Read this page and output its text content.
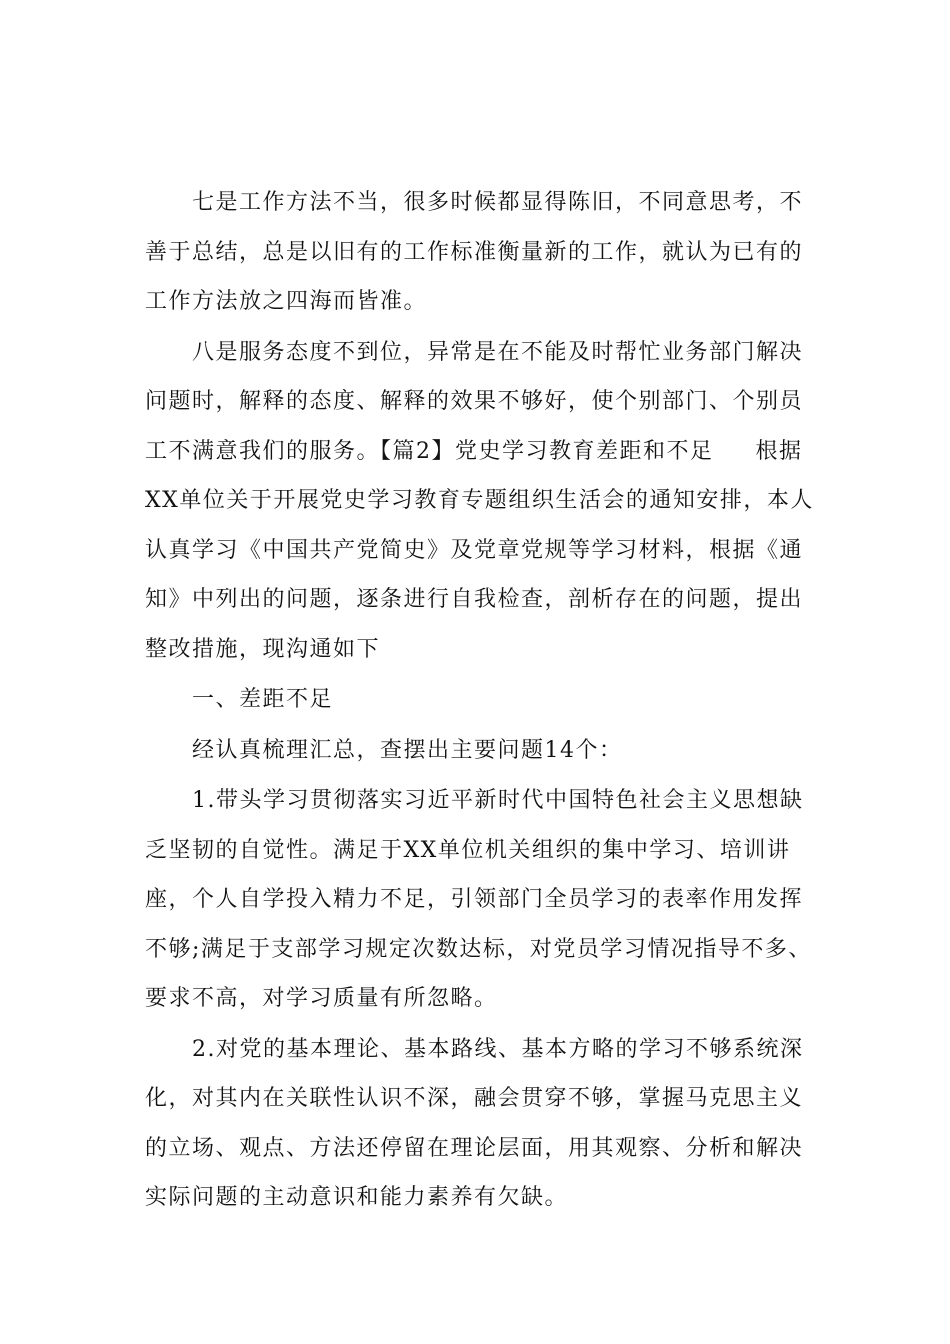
七是工作方法不当，很多时候都显得陈旧，不同意思考，不善于总结，总是以旧有的工作标准衡量新的工作，就认为已有的工作方法放之四海而皆准。

八是服务态度不到位，异常是在不能及时帮忙业务部门解决问题时，解释的态度、解释的效果不够好，使个别部门、个别员工不满意我们的服务。【篇2】党史学习教育差距和不足 根据XX单位关于开展党史学习教育专题组织生活会的通知安排，本人认真学习《中国共产党简史》及党章党规等学习材料，根据《通知》中列出的问题，逐条进行自我检查，剖析存在的问题，提出整改措施，现沟通如下

一、差距不足

经认真梳理汇总，查摆出主要问题14个：

1.带头学习贯彻落实习近平新时代中国特色社会主义思想缺乏坚韧的自觉性。满足于XX单位机关组织的集中学习、培训讲座，个人自学投入精力不足，引领部门全员学习的表率作用发挥不够;满足于支部学习规定次数达标，对党员学习情况指导不多、要求不高，对学习质量有所忽略。

2.对党的基本理论、基本路线、基本方略的学习不够系统深化，对其内在关联性认识不深，融会贯穿不够，掌握马克思主义的立场、观点、方法还停留在理论层面，用其观察、分析和解决实际问题的主动意识和能力素养有欠缺。
